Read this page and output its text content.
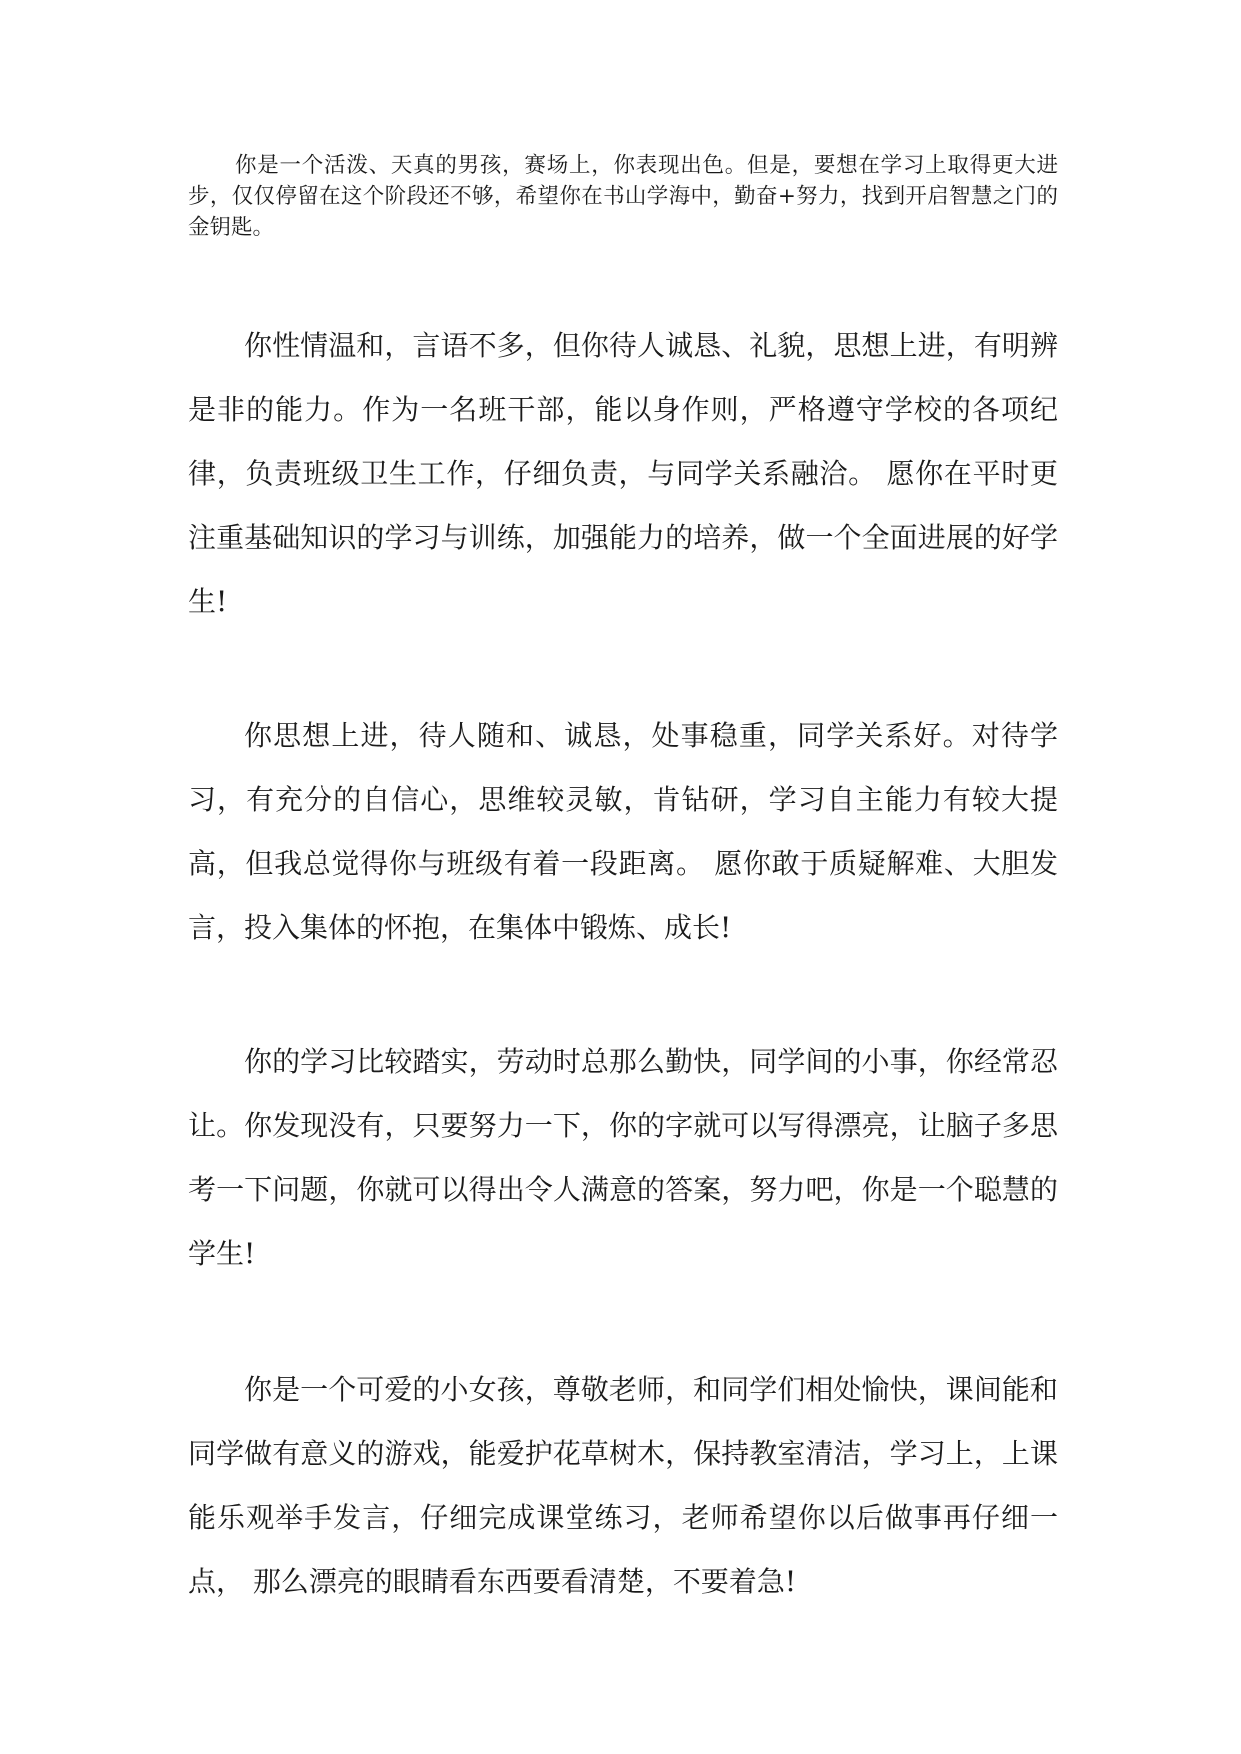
你是一个活泼、天真的男孩，赛场上，你表现出色。但是，要想在学习上取得更大进步，仅仅停留在这个阶段还不够，希望你在书山学海中，勤奋+努力，找到开启智慧之门的金钥匙。

你性情温和，言语不多，但你待人诚恳、礼貌，思想上进，有明辨是非的能力。作为一名班干部，能以身作则，严格遵守学校的各项纪律，负责班级卫生工作，仔细负责，与同学关系融洽。 愿你在平时更注重基础知识的学习与训练，加强能力的培养，做一个全面进展的好学生!

你思想上进，待人随和、诚恳，处事稳重，同学关系好。对待学习，有充分的自信心，思维较灵敏，肯钻研，学习自主能力有较大提高，但我总觉得你与班级有着一段距离。 愿你敢于质疑解难、大胆发言，投入集体的怀抱，在集体中锻炼、成长!

你的学习比较踏实，劳动时总那么勤快，同学间的小事，你经常忍让。你发现没有，只要努力一下，你的字就可以写得漂亮，让脑子多思考一下问题，你就可以得出令人满意的答案，努力吧，你是一个聪慧的学生!

你是一个可爱的小女孩，尊敬老师，和同学们相处愉快，课间能和同学做有意义的游戏，能爱护花草树木，保持教室清洁，学习上，上课能乐观举手发言，仔细完成课堂练习，老师希望你以后做事再仔细一点， 那么漂亮的眼睛看东西要看清楚，不要着急!
